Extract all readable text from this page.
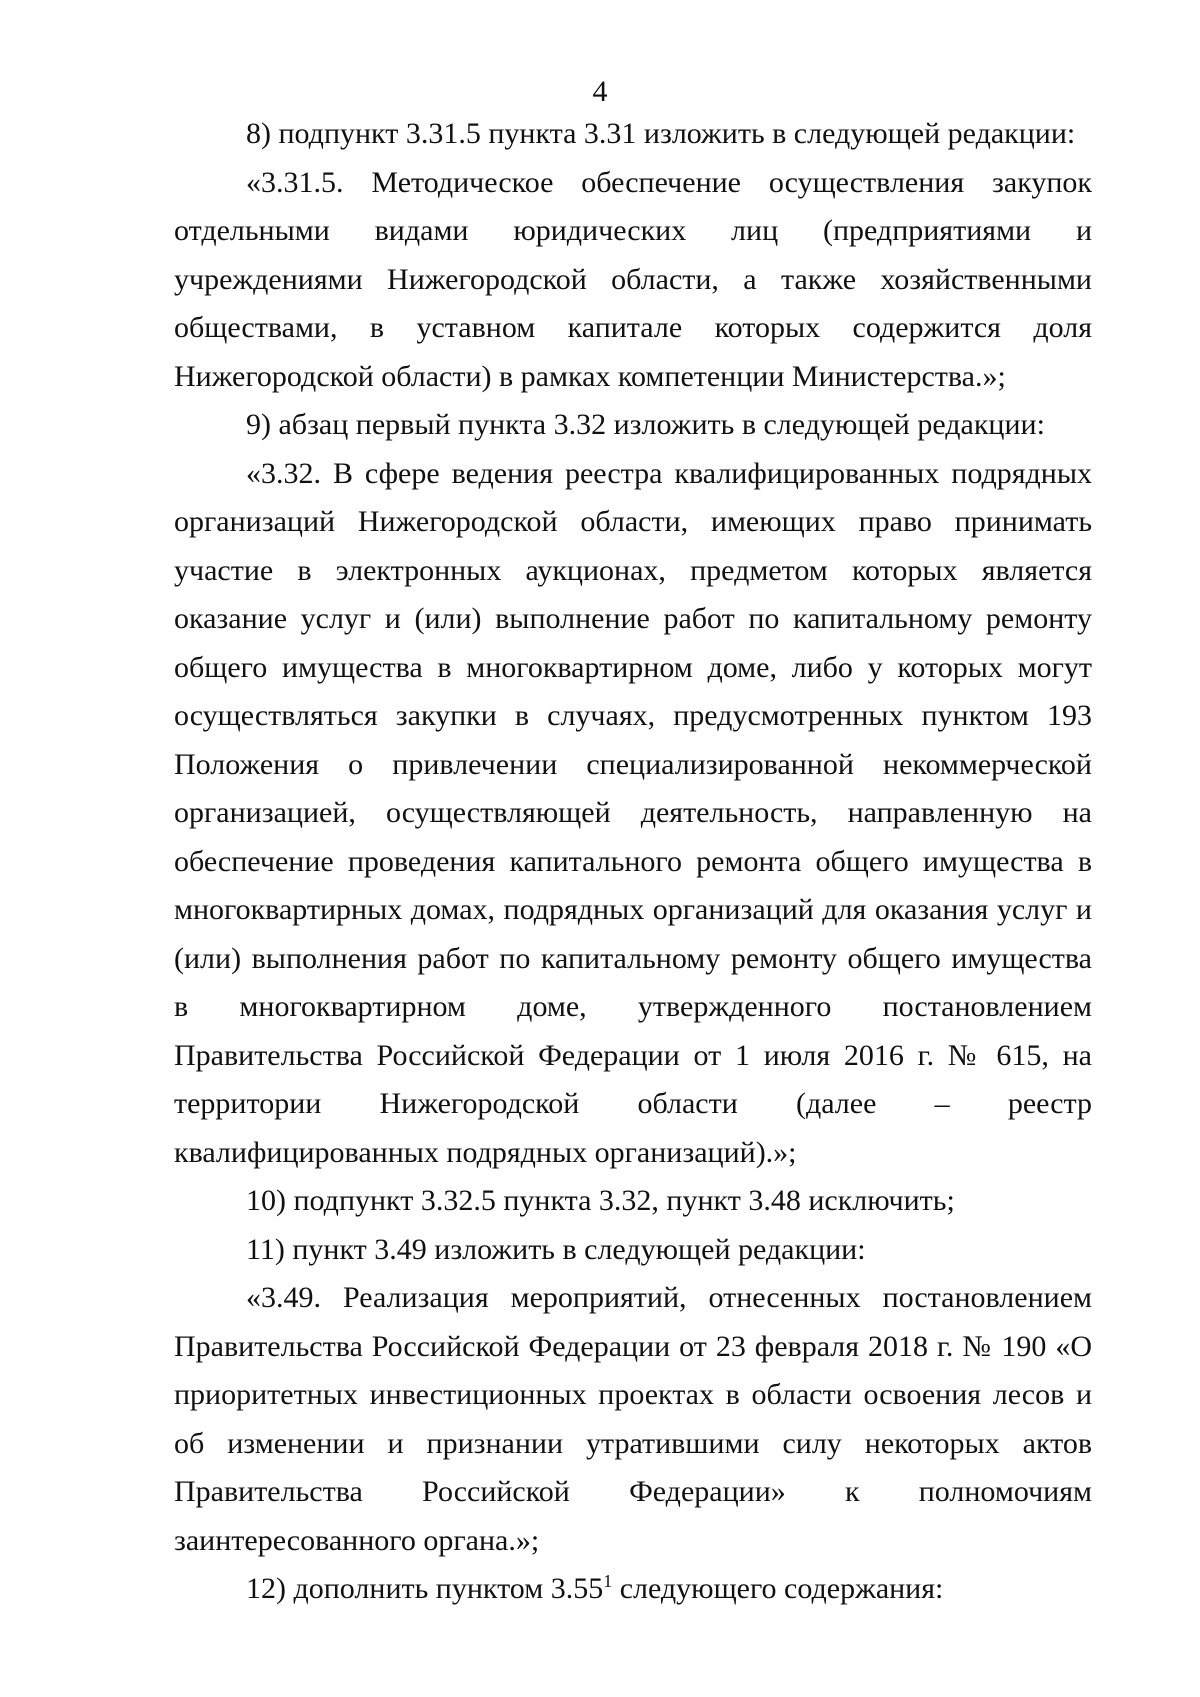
4

8) подпункт 3.31.5 пункта 3.31 изложить в следующей редакции:

«3.31.5. Методическое обеспечение осуществления закупок отдельными видами юридических лиц (предприятиями и учреждениями Нижегородской области, а также хозяйственными обществами, в уставном капитале которых содержится доля Нижегородской области) в рамках компетенции Министерства.»;

9) абзац первый пункта 3.32 изложить в следующей редакции:

«3.32. В сфере ведения реестра квалифицированных подрядных организаций Нижегородской области, имеющих право принимать участие в электронных аукционах, предметом которых является оказание услуг и (или) выполнение работ по капитальному ремонту общего имущества в многоквартирном доме, либо у которых могут осуществляться закупки в случаях, предусмотренных пунктом 193 Положения о привлечении специализированной некоммерческой организацией, осуществляющей деятельность, направленную на обеспечение проведения капитального ремонта общего имущества в многоквартирных домах, подрядных организаций для оказания услуг и (или) выполнения работ по капитальному ремонту общего имущества в многоквартирном доме, утвержденного постановлением Правительства Российской Федерации от 1 июля 2016 г. № 615, на территории Нижегородской области (далее – реестр квалифицированных подрядных организаций).»;

10) подпункт 3.32.5 пункта 3.32, пункт 3.48 исключить;

11) пункт 3.49 изложить в следующей редакции:

«3.49. Реализация мероприятий, отнесенных постановлением Правительства Российской Федерации от 23 февраля 2018 г. № 190 «О приоритетных инвестиционных проектах в области освоения лесов и об изменении и признании утратившими силу некоторых актов Правительства Российской Федерации» к полномочиям заинтересованного органа.»;

12) дополнить пунктом 3.55$^1$ следующего содержания:
